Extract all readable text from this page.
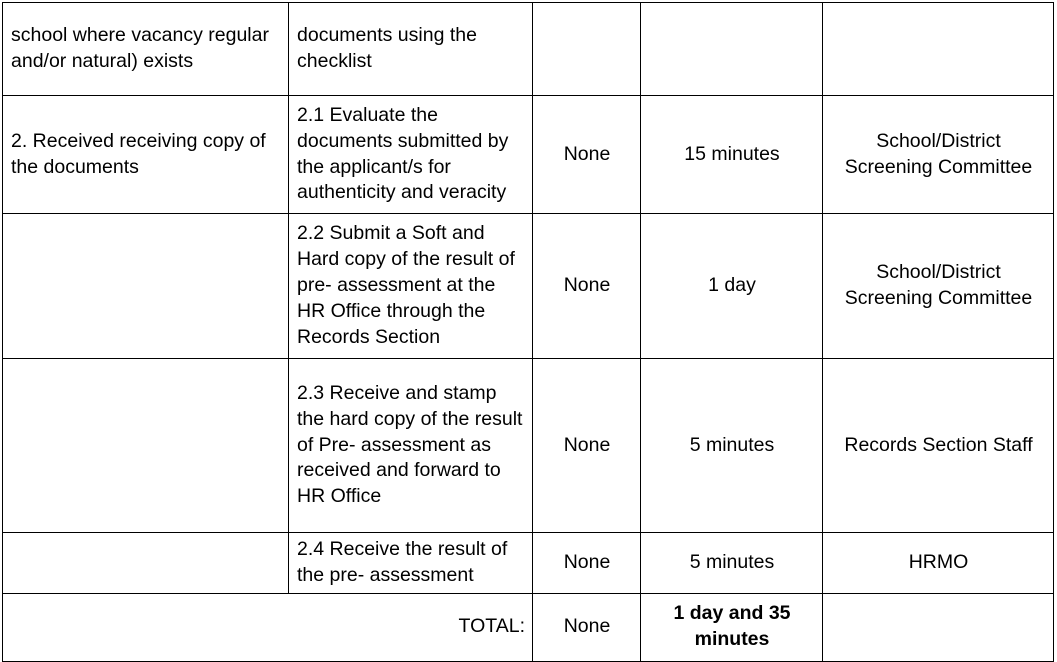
school where vacancy regular and/or natural) exists	documents using the checklist			

2. Received receiving copy of the documents	2.1 Evaluate the documents submitted by the applicant/s for authenticity and veracity	None	15 minutes	School/District Screening Committee

	2.2 Submit a Soft and Hard copy of the result of pre- assessment at the HR Office through the Records Section	None	1 day	School/District Screening Committee

	2.3 Receive and stamp the hard copy of the result of Pre- assessment as received and forward to HR Office	None	5 minutes	Records Section Staff

	2.4 Receive the result of the pre- assessment	None	5 minutes	HRMO

TOTAL:		None	1 day and 35 minutes	
